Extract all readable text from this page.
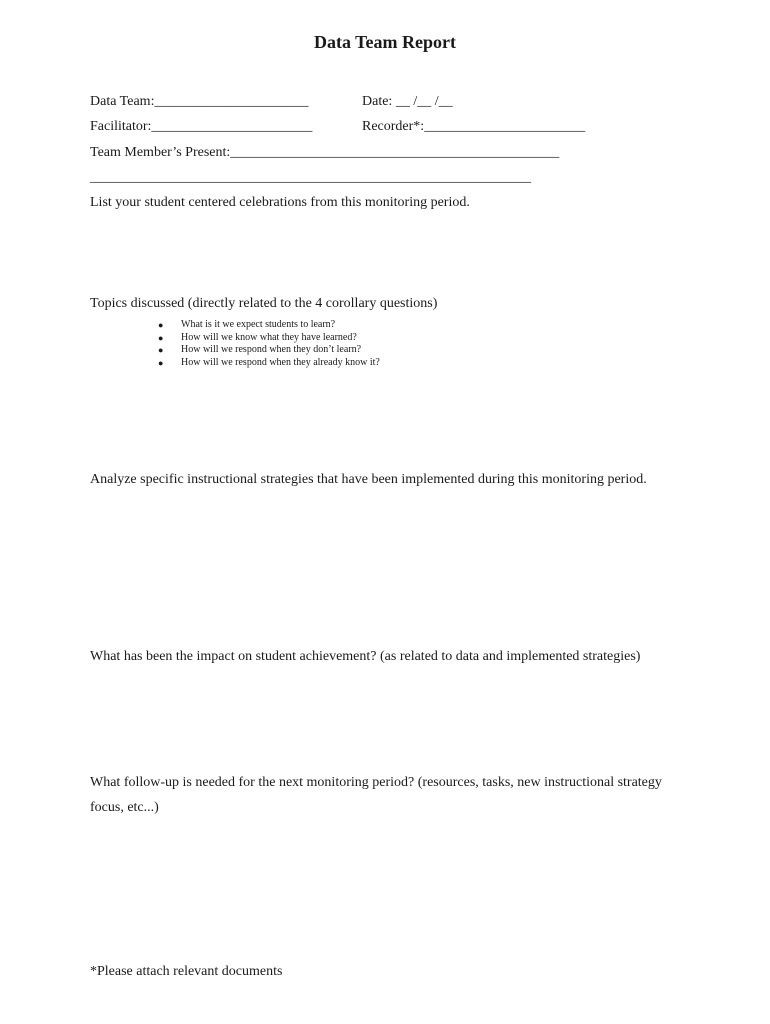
Data Team Report
Data Team:______________________	Date: __ /__ /__
Facilitator:_______________________	Recorder*:_______________________
Team Member’s Present:_______________________________________________
_______________________________________________________________
List your student centered celebrations from this monitoring period.
Topics discussed (directly related to the 4 corollary questions)
● What is it we expect students to learn?
● How will we know what they have learned?
● How will we respond when they don’t learn?
● How will we respond when they already know it?
Analyze specific instructional strategies that have been implemented during this monitoring period.
What has been the impact on student achievement? (as related to data and implemented strategies)
What follow-up is needed for the next monitoring period? (resources, tasks, new instructional strategy focus, etc...)
*Please attach relevant documents
